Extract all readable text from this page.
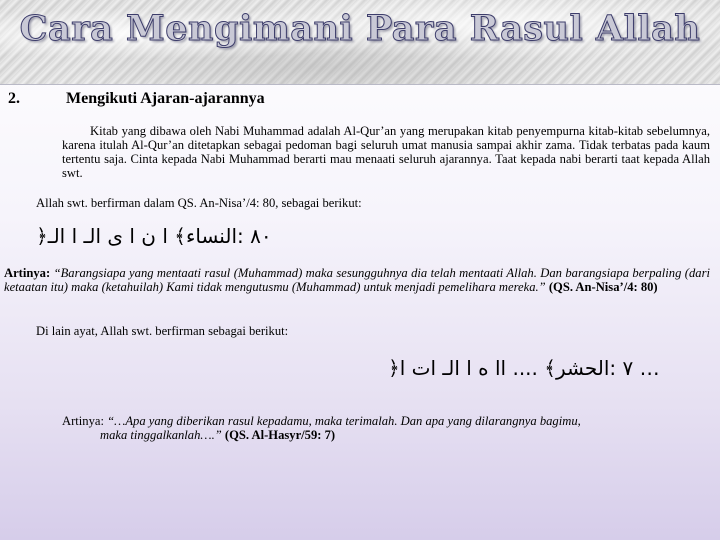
Cara Mengimani Para Rasul Allah
2.	Mengikuti Ajaran-ajarannya
Kitab yang dibawa oleh Nabi Muhammad adalah Al-Qur’an yang merupakan kitab penyempurna kitab-kitab sebelumnya, karena itulah Al-Qur’an ditetapkan sebagai pedoman bagi seluruh umat manusia sampai akhir zama. Tidak terbatas pada kaum tertentu saja. Cinta kepada Nabi Muhammad berarti mau menaati seluruh ajarannya. Taat kepada nabi berarti taat kepada Allah swt.
Allah swt. berfirman dalam QS. An-Nisa’/4: 80, sebagai berikut:
﴿٨٠ :النساء﴾ ا ن ا ى الـ ا الـ
Artinya: “Barangsiapa yang mentaati rasul (Muhammad) maka sesungguhnya dia telah mentaati Allah. Dan barangsiapa berpaling (dari ketaatan itu) maka (ketahuilah) Kami tidak mengutusmu (Muhammad) untuk menjadi pemelihara mereka.” (QS. An-Nisa’/4: 80)
Di lain ayat, Allah swt. berfirman sebagai berikut:
﴿٧ :الحشر﴾ .... اا ه ا الـ ات ا …
Artinya: “…Apa yang diberikan rasul kepadamu, maka terimalah. Dan apa yang dilarangnya bagimu,
maka tinggalkanlah….” (QS. Al-Hasyr/59: 7)
